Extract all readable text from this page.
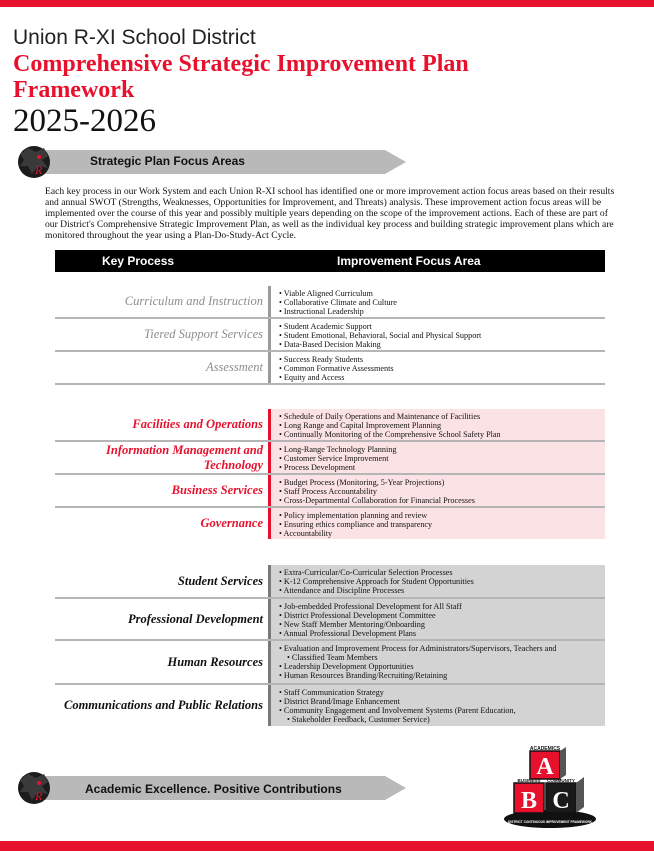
Union R-XI School District
Comprehensive Strategic Improvement Plan Framework
2025-2026
R
Strategic Plan Focus Areas
Each key process in our Work System and each Union R-XI school has identified one or more improvement action focus areas based on their results and annual SWOT (Strengths, Weaknesses, Opportunities for Improvement, and Threats) analysis. These improvement action focus areas will be implemented over the course of this year and possibly multiple years depending on the scope of the improvement actions. Each of these are part of our District's Comprehensive Strategic Improvement Plan, as well as the individual key process and building strategic improvement plans which are monitored throughout the year using a Plan-Do-Study-Act Cycle.
Key Process	Improvement Focus Area
Curriculum and Instruction
• Viable Aligned Curriculum
• Collaborative Climate and Culture
• Instructional Leadership
Tiered Support Services
• Student Academic Support
• Student Emotional, Behavioral, Social and Physical Support
• Data-Based Decision Making
Assessment
• Success Ready Students
• Common Formative Assessments
• Equity and Access
Facilities and Operations
• Schedule of Daily Operations and Maintenance of Facilities
• Long Range and Capital Improvement Planning
• Continually Monitoring of the Comprehensive School Safety Plan
Information Management and Technology
• Long-Range Technology Planning
• Customer Service Improvement
• Process Development
Business Services
• Budget Process (Monitoring, 5-Year Projections)
• Staff Process Accountability
• Cross-Departmental Collaboration for Financial Processes
Governance
• Policy implementation planning and review
• Ensuring ethics compliance and transparency
• Accountability
Student Services
• Extra-Curricular/Co-Curricular Selection Processes
• K-12 Comprehensive Approach for Student Opportunities
• Attendance and Discipline Processes
Professional Development
• Job-embedded Professional Development for All Staff
• District Professional Development Committee
• New Staff Member Mentoring/Onboarding
• Annual Professional Development Plans
Human Resources
• Evaluation and Improvement Process for Administrators/Supervisors, Teachers and
• Classified Team Members
• Leadership Development Opportunities
• Human Resources Branding/Recruiting/Retaining
Communications and Public Relations
• Staff Communication Strategy
• District Brand/Image Enhancement
• Community Engagement and Involvement Systems (Parent Education,
• Stakeholder Feedback, Customer Service)
R	Academic Excellence. Positive Contributions
ACADEMICS
A
B C
BUSINESS COMMUNITY
DISTRICT CONTINUOUS IMPROVEMENT FRAMEWORK
